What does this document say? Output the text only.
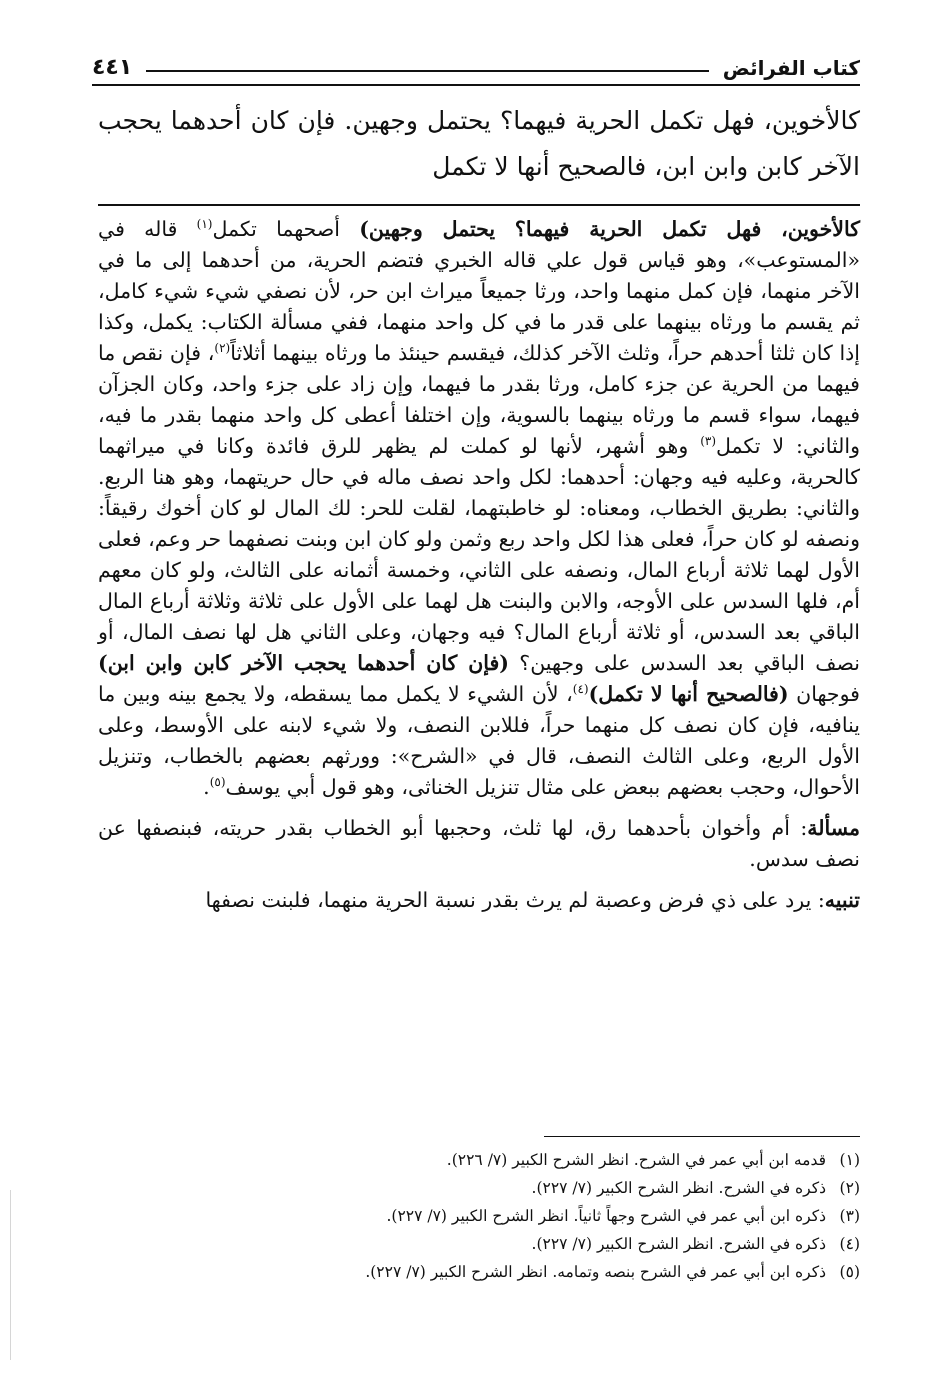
كتاب الفرائض
٤٤١
كالأخوين، فهل تكمل الحرية فيهما؟ يحتمل وجهين. فإن كان أحدهما يحجب الآخر كابن وابن ابن، فالصحيح أنها لا تكمل

كالأخوين، فهل تكمل الحرية فيهما؟ يحتمل وجهين) أصحهما تكمل$^{(١)}$ قاله في «المستوعب»، وهو قياس قول علي قاله الخبري فتضم الحرية، من أحدهما إلى ما في الآخر منهما، فإن كمل منهما واحد، ورثا جميعاً ميراث ابن حر، لأن نصفي شيء شيء كامل، ثم يقسم ما ورثاه بينهما على قدر ما في كل واحد منهما، ففي مسألة الكتاب: يكمل، وكذا إذا كان ثلثا أحدهم حراً، وثلث الآخر كذلك، فيقسم حينئذ ما ورثاه بينهما أثلاثاً$^{(٢)}$، فإن نقص ما فيهما من الحرية عن جزء كامل، ورثا بقدر ما فيهما، وإن زاد على جزء واحد، وكان الجزآن فيهما، سواء قسم ما ورثاه بينهما بالسوية، وإن اختلفا أعطى كل واحد منهما بقدر ما فيه، والثاني: لا تكمل$^{(٣)}$ وهو أشهر، لأنها لو كملت لم يظهر للرق فائدة وكانا في ميراثهما كالحرية، وعليه فيه وجهان: أحدهما: لكل واحد نصف ماله في حال حريتهما، وهو هنا الربع. والثاني: بطريق الخطاب، ومعناه: لو خاطبتهما، لقلت للحر: لك المال لو كان أخوك رقيقاً: ونصفه لو كان حراً، فعلى هذا لكل واحد ربع وثمن ولو كان ابن وبنت نصفهما حر وعم، فعلى الأول لهما ثلاثة أرباع المال، ونصفه على الثاني، وخمسة أثمانه على الثالث، ولو كان معهم أم، فلها السدس على الأوجه، والابن والبنت هل لهما على الأول على ثلاثة وثلاثة أرباع المال الباقي بعد السدس، أو ثلاثة أرباع المال؟ فيه وجهان، وعلى الثاني هل لها نصف المال، أو نصف الباقي بعد السدس على وجهين؟ (فإن كان أحدهما يحجب الآخر كابن وابن ابن) فوجهان (فالصحيح أنها لا تكمل)$^{(٤)}$، لأن الشيء لا يكمل مما يسقطه، ولا يجمع بينه وبين ما ينافيه، فإن كان نصف كل منهما حراً، فللابن النصف، ولا شيء لابنه على الأوسط، وعلى الأول الربع، وعلى الثالث النصف، قال في «الشرح»: وورثهم بعضهم بالخطاب، وتنزيل الأحوال، وحجب بعضهم ببعض على مثال تنزيل الخناثى، وهو قول أبي يوسف$^{(٥)}$.

مسألة: أم وأخوان بأحدهما رق، لها ثلث، وحجبها أبو الخطاب بقدر حريته، فبنصفها عن نصف سدس.

تنبيه: يرد على ذي فرض وعصبة لم يرث بقدر نسبة الحرية منهما، فلبنت نصفها

(١)
قدمه ابن أبي عمر في الشرح. انظر الشرح الكبير (٧/ ٢٢٦).
(٢)
ذكره في الشرح. انظر الشرح الكبير (٧/ ٢٢٧).
(٣)
ذكره ابن أبي عمر في الشرح وجهاً ثانياً. انظر الشرح الكبير (٧/ ٢٢٧).
(٤)
ذكره في الشرح. انظر الشرح الكبير (٧/ ٢٢٧).
(٥)
ذكره ابن أبي عمر في الشرح بنصه وتمامه. انظر الشرح الكبير (٧/ ٢٢٧).
